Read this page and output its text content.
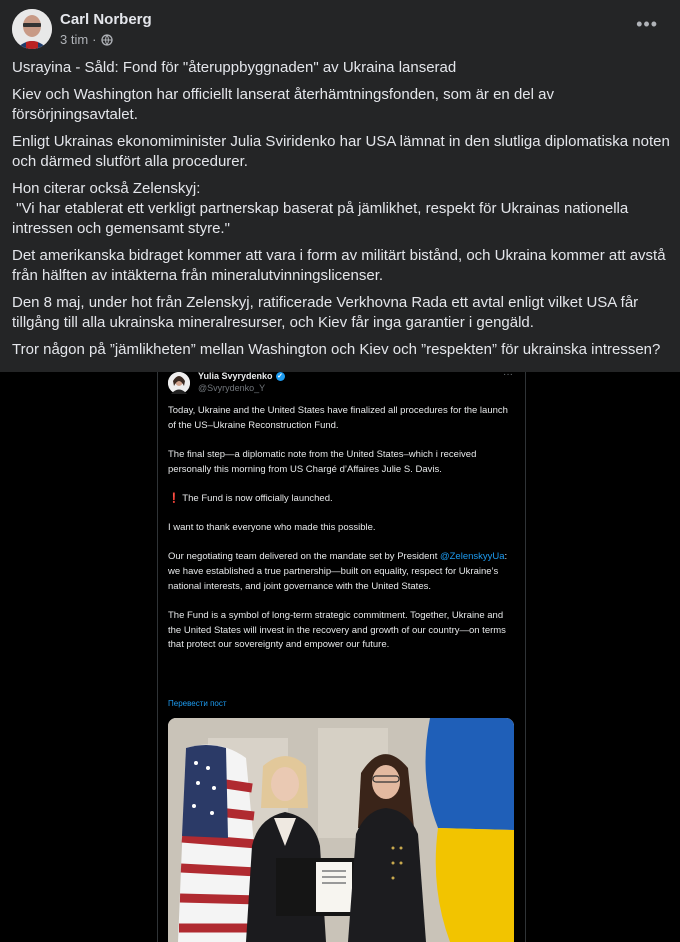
Carl Norberg
3 tim ·
•••

Usrayina - Såld: Fond för "återuppbyggnaden" av Ukraina lanserad

Kiev och Washington har officiellt lanserat återhämtningsfonden, som är en del av försörjningsavtalet.

Enligt Ukrainas ekonomiminister Julia Sviridenko har USA lämnat in den slutliga diplomatiska noten och därmed slutfört alla procedurer.

Hon citerar också Zelenskyj:
"Vi har etablerat ett verkligt partnerskap baserat på jämlikhet, respekt för Ukrainas nationella intressen och gemensamt styre."

Det amerikanska bidraget kommer att vara i form av militärt bistånd, och Ukraina kommer att avstå från hälften av intäkterna från mineralutvinningslicenser.

Den 8 maj, under hot från Zelenskyj, ratificerade Verkhovna Rada ett avtal enligt vilket USA får tillgång till alla ukrainska mineralresurser, och Kiev får inga garantier i gengäld.

Tror någon på ”jämlikheten” mellan Washington och Kiev och ”respekten” för ukrainska intressen?

Yulia Svyrydenko ✓
@Svyrydenko_Y
···

Today, Ukraine and the United States have finalized all procedures for the launch of the US–Ukraine Reconstruction Fund.

The final step—a diplomatic note from the United States–which i received personally this morning from US Chargé d’Affaires Julie S. Davis.

❗ The Fund is now officially launched.

I want to thank everyone who made this possible.

Our negotiating team delivered on the mandate set by President @ZelenskyyUa: we have established a true partnership—built on equality, respect for Ukraine’s national interests, and joint governance with the United States.

The Fund is a symbol of long-term strategic commitment. Together, Ukraine and the United States will invest in the recovery and growth of our country—on terms that protect our sovereignty and empower our future.

Перевести пост
